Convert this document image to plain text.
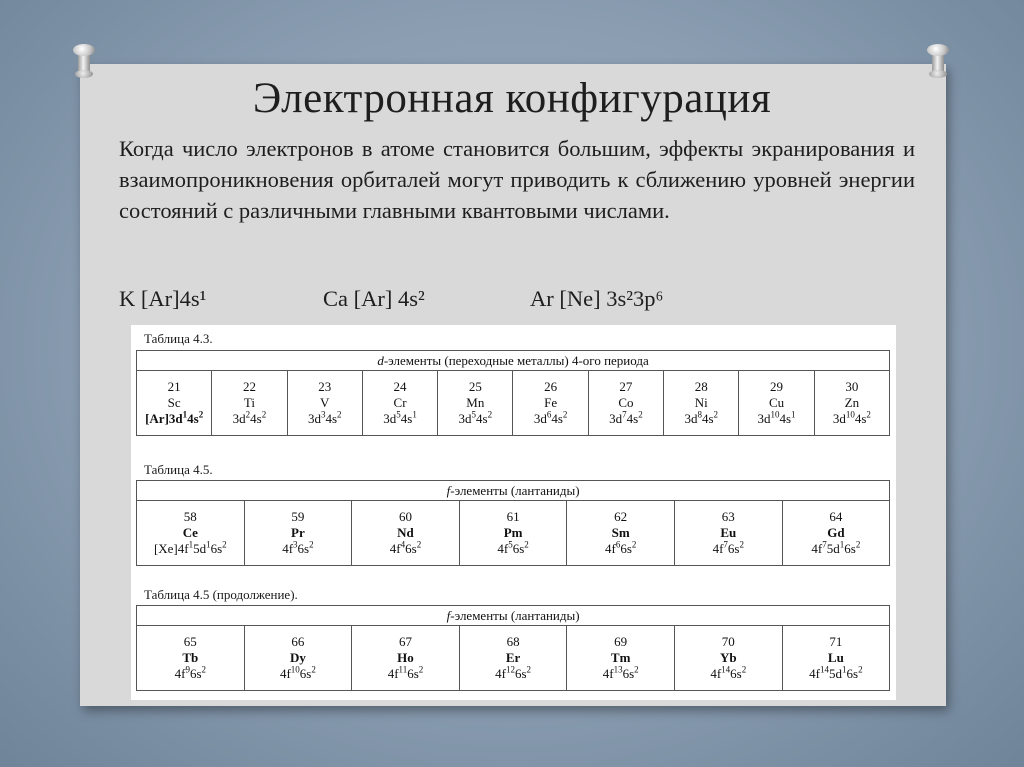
Электронная конфигурация
Когда число электронов в атоме становится большим, эффекты экранирования и взаимопроникновения орбиталей могут приводить к сближению уровней энергии состояний с различными главными квантовыми числами.
K [Ar]4s¹	Ca [Ar] 4s²	Ar [Ne] 3s²3p⁶
Таблица 4.3.
d-элементы (переходные металлы) 4-ого периода

21
Sc
$[Ar]3d^14s^2$

22
Ti
$3d^24s^2$

23
V
$3d^34s^2$

24
Cr
$3d^54s^1$

25
Mn
$3d^54s^2$

26
Fe
$3d^64s^2$

27
Co
$3d^74s^2$

28
Ni
$3d^84s^2$

29
Cu
$3d^{10}4s^1$

30
Zn
$3d^{10}4s^2$
Таблица 4.5.
f-элементы (лантаниды)

58
Ce
$[Xe]4f^15d^16s^2$

59
Pr
$4f^36s^2$

60
Nd
$4f^46s^2$

61
Pm
$4f^56s^2$

62
Sm
$4f^66s^2$

63
Eu
$4f^76s^2$

64
Gd
$4f^75d^16s^2$
Таблица 4.5 (продолжение).
f-элементы (лантаниды)

65
Tb
$4f^96s^2$

66
Dy
$4f^{10}6s^2$

67
Ho
$4f^{11}6s^2$

68
Er
$4f^{12}6s^2$

69
Tm
$4f^{13}6s^2$

70
Yb
$4f^{14}6s^2$

71
Lu
$4f^{14}5d^16s^2$
